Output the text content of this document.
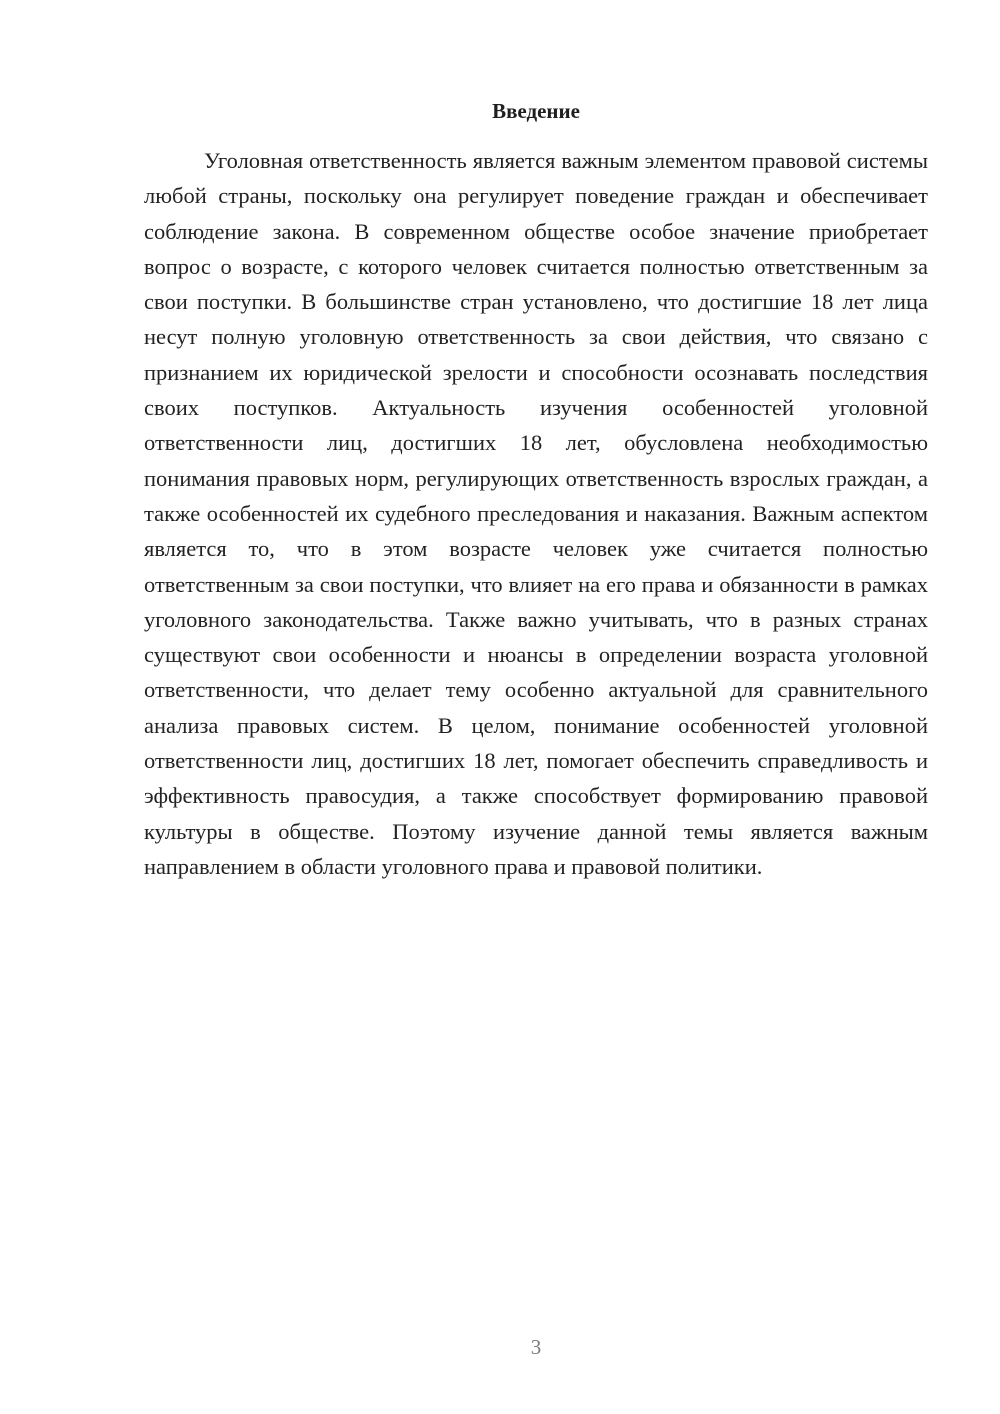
Введение

Уголовная ответственность является важным элементом правовой системы любой страны, поскольку она регулирует поведение граждан и обеспечивает соблюдение закона. В современном обществе особое значение приобретает вопрос о возрасте, с которого человек считается полностью ответственным за свои поступки. В большинстве стран установлено, что достигшие 18 лет лица несут полную уголовную ответственность за свои действия, что связано с признанием их юридической зрелости и способности осознавать последствия своих поступков. Актуальность изучения особенностей уголовной ответственности лиц, достигших 18 лет, обусловлена необходимостью понимания правовых норм, регулирующих ответственность взрослых граждан, а также особенностей их судебного преследования и наказания. Важным аспектом является то, что в этом возрасте человек уже считается полностью ответственным за свои поступки, что влияет на его права и обязанности в рамках уголовного законодательства. Также важно учитывать, что в разных странах существуют свои особенности и нюансы в определении возраста уголовной ответственности, что делает тему особенно актуальной для сравнительного анализа правовых систем. В целом, понимание особенностей уголовной ответственности лиц, достигших 18 лет, помогает обеспечить справедливость и эффективность правосудия, а также способствует формированию правовой культуры в обществе. Поэтому изучение данной темы является важным направлением в области уголовного права и правовой политики.

3
